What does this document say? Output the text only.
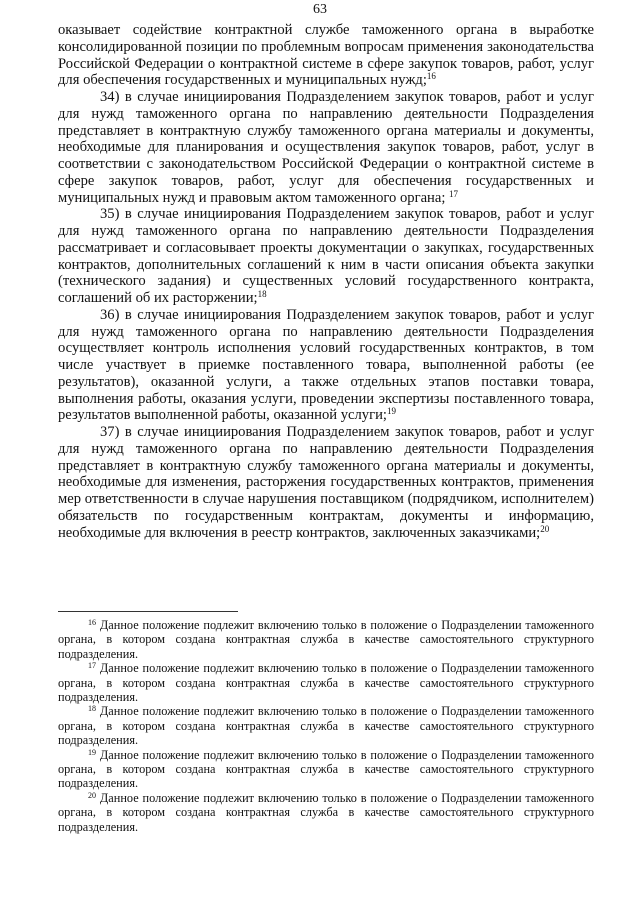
63

оказывает содействие контрактной службе таможенного органа в выработке консолидированной позиции по проблемным вопросам применения законодательства Российской Федерации о контрактной системе в сфере закупок товаров, работ, услуг для обеспечения государственных и муниципальных нужд;$^{16}$

34) в случае инициирования Подразделением закупок товаров, работ и услуг для нужд таможенного органа по направлению деятельности Подразделения представляет в контрактную службу таможенного органа материалы и документы, необходимые для планирования и осуществления закупок товаров, работ, услуг в соответствии с законодательством Российской Федерации о контрактной системе в сфере закупок товаров, работ, услуг для обеспечения государственных и муниципальных нужд и правовым актом таможенного органа; $^{17}$

35) в случае инициирования Подразделением закупок товаров, работ и услуг для нужд таможенного органа по направлению деятельности Подразделения рассматривает и согласовывает проекты документации о закупках, государственных контрактов, дополнительных соглашений к ним в части описания объекта закупки (технического задания) и существенных условий государственного контракта, соглашений об их расторжении;$^{18}$

36) в случае инициирования Подразделением закупок товаров, работ и услуг для нужд таможенного органа по направлению деятельности Подразделения осуществляет контроль исполнения условий государственных контрактов, в том числе участвует в приемке поставленного товара, выполненной работы (ее результатов), оказанной услуги, а также отдельных этапов поставки товара, выполнения работы, оказания услуги, проведении экспертизы поставленного товара, результатов выполненной работы, оказанной услуги;$^{19}$

37) в случае инициирования Подразделением закупок товаров, работ и услуг для нужд таможенного органа по направлению деятельности Подразделения представляет в контрактную службу таможенного органа материалы и документы, необходимые для изменения, расторжения государственных контрактов, применения мер ответственности в случае нарушения поставщиком (подрядчиком, исполнителем) обязательств по государственным контрактам, документы и информацию, необходимые для включения в реестр контрактов, заключенных заказчиками;$^{20}$

$^{16}$ Данное положение подлежит включению только в положение о Подразделении таможенного органа, в котором создана контрактная служба в качестве самостоятельного структурного подразделения.

$^{17}$ Данное положение подлежит включению только в положение о Подразделении таможенного органа, в котором создана контрактная служба в качестве самостоятельного структурного подразделения.

$^{18}$ Данное положение подлежит включению только в положение о Подразделении таможенного органа, в котором создана контрактная служба в качестве самостоятельного структурного подразделения.

$^{19}$ Данное положение подлежит включению только в положение о Подразделении таможенного органа, в котором создана контрактная служба в качестве самостоятельного структурного подразделения.

$^{20}$ Данное положение подлежит включению только в положение о Подразделении таможенного органа, в котором создана контрактная служба в качестве самостоятельного структурного подразделения.
